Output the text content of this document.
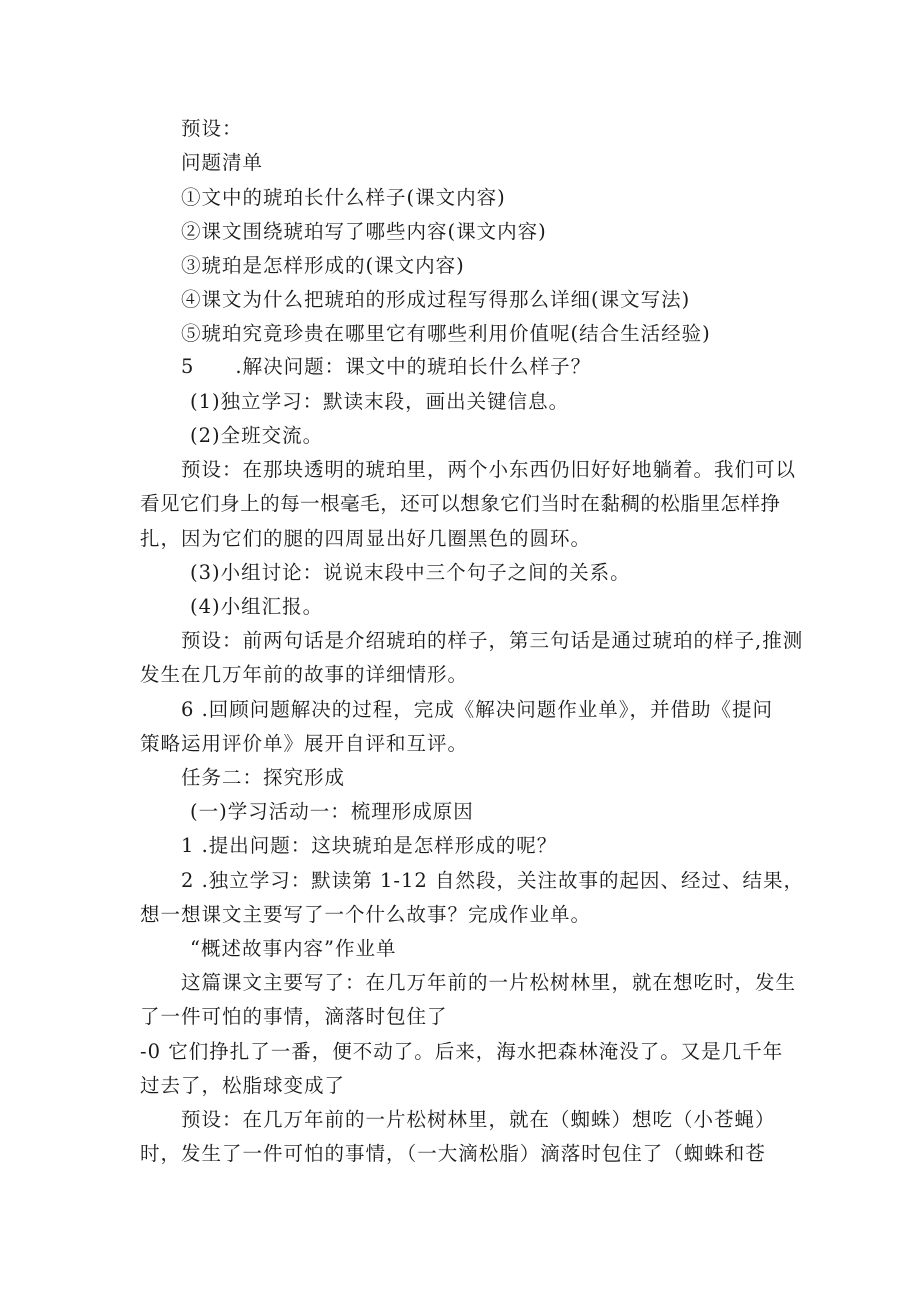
预设：
问题清单
①文中的琥珀长什么样子(课文内容)
②课文围绕琥珀写了哪些内容(课文内容)
③琥珀是怎样形成的(课文内容)
④课文为什么把琥珀的形成过程写得那么详细(课文写法)
⑤琥珀究竟珍贵在哪里它有哪些利用价值呢(结合生活经验)
5　　.解决问题：课文中的琥珀长什么样子？
(1)独立学习：默读末段，画出关键信息。
(2)全班交流。
预设：在那块透明的琥珀里，两个小东西仍旧好好地躺着。我们可以
看见它们身上的每一根毫毛，还可以想象它们当时在黏稠的松脂里怎样挣
扎，因为它们的腿的四周显出好几圈黑色的圆环。
(3)小组讨论：说说末段中三个句子之间的关系。
(4)小组汇报。
预设：前两句话是介绍琥珀的样子，第三句话是通过琥珀的样子,推测
发生在几万年前的故事的详细情形。
6 .回顾问题解决的过程，完成《解决问题作业单》，并借助《提问
策略运用评价单》展开自评和互评。
任务二：探究形成
(一)学习活动一：梳理形成原因
1 .提出问题：这块琥珀是怎样形成的呢？
2 .独立学习：默读第 1-12 自然段，关注故事的起因、经过、结果，
想一想课文主要写了一个什么故事？完成作业单。
“概述故事内容”作业单
这篇课文主要写了：在几万年前的一片松树林里，就在想吃时，发生
了一件可怕的事情，滴落时包住了
-0 它们挣扎了一番，便不动了。后来，海水把森林淹没了。又是几千年
过去了，松脂球变成了
预设：在几万年前的一片松树林里，就在（蜘蛛）想吃（小苍蝇）
时，发生了一件可怕的事情，（一大滴松脂）滴落时包住了（蜘蛛和苍
